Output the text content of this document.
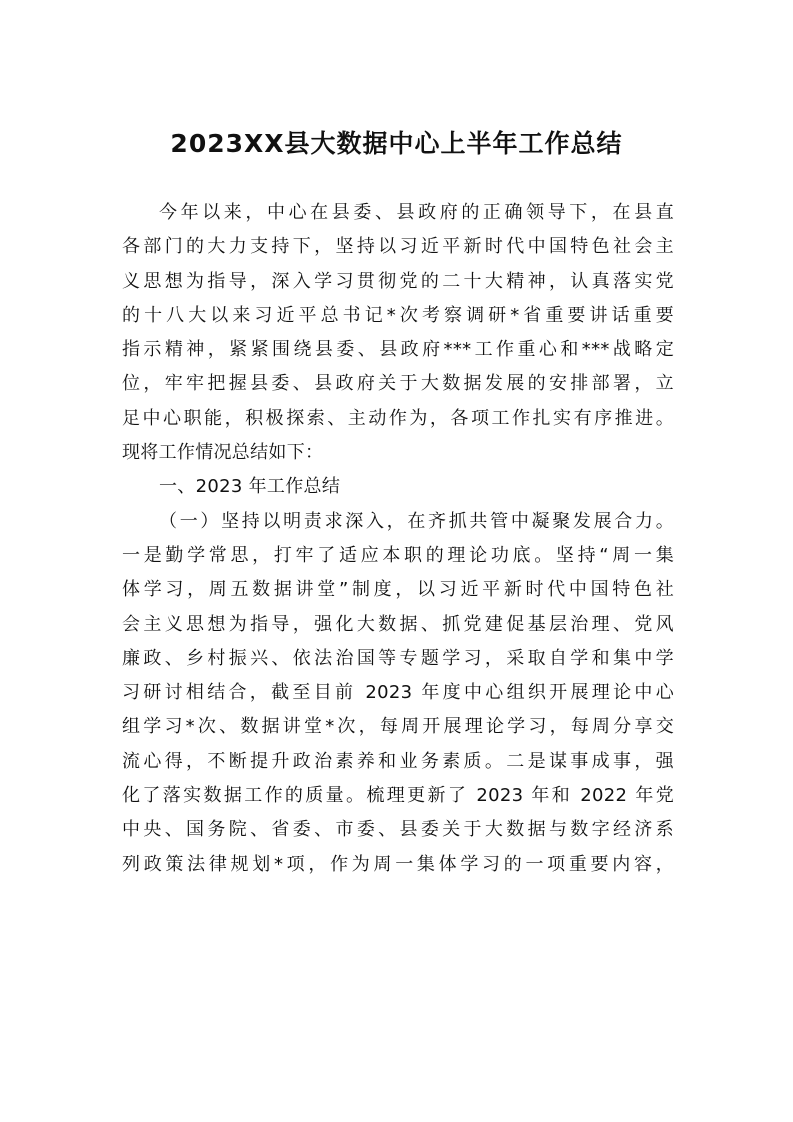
2023XX县大数据中心上半年工作总结
今年以来，中心在县委、县政府的正确领导下，在县直
各部门的大力支持下，坚持以习近平新时代中国特色社会主
义思想为指导，深入学习贯彻党的二十大精神，认真落实党
的十八大以来习近平总书记*次考察调研*省重要讲话重要
指示精神，紧紧围绕县委、县政府***工作重心和***战略定
位，牢牢把握县委、县政府关于大数据发展的安排部署，立
足中心职能，积极探索、主动作为，各项工作扎实有序推进。
现将工作情况总结如下：
一、2023 年工作总结
（一）坚持以明责求深入，在齐抓共管中凝聚发展合力。
一是勤学常思，打牢了适应本职的理论功底。坚持“周一集
体学习，周五数据讲堂”制度，以习近平新时代中国特色社
会主义思想为指导，强化大数据、抓党建促基层治理、党风
廉政、乡村振兴、依法治国等专题学习，采取自学和集中学
习研讨相结合，截至目前 2023 年度中心组织开展理论中心
组学习*次、数据讲堂*次，每周开展理论学习，每周分享交
流心得，不断提升政治素养和业务素质。二是谋事成事，强
化了落实数据工作的质量。梳理更新了 2023 年和 2022 年党
中央、国务院、省委、市委、县委关于大数据与数字经济系
列政策法律规划*项，作为周一集体学习的一项重要内容，
